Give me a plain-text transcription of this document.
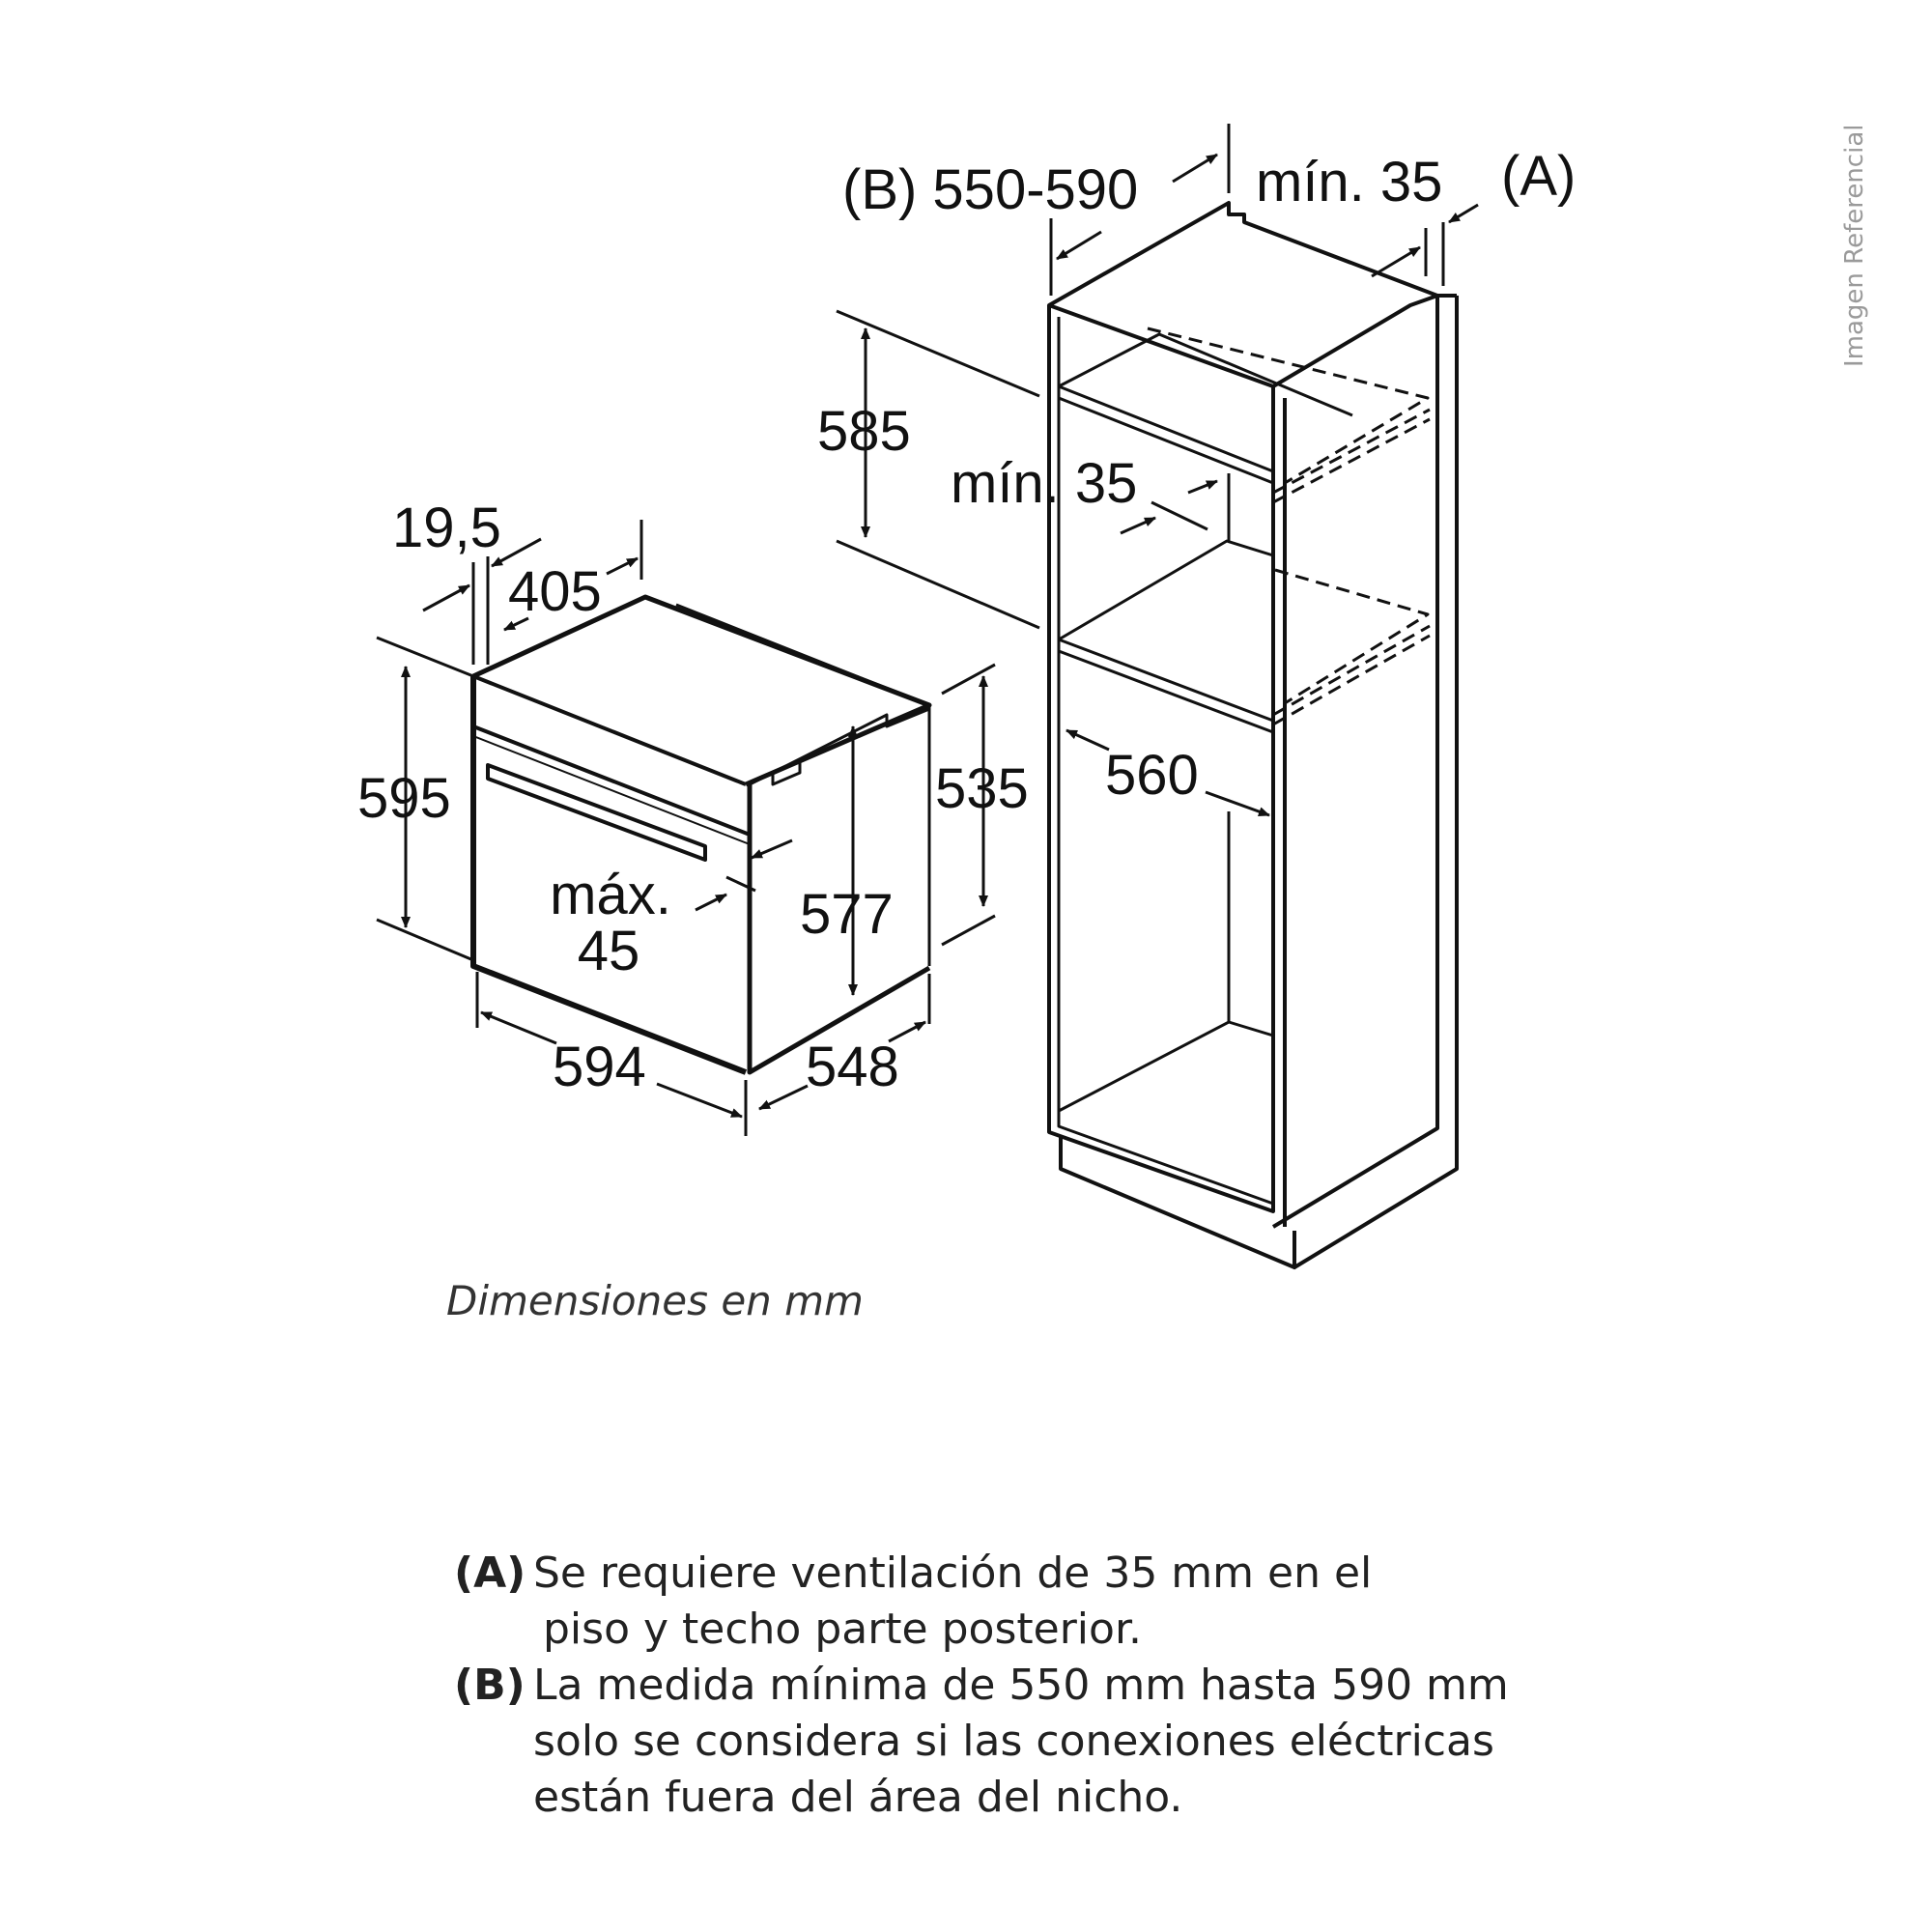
19,5
405
595	535
577
máx.
45
594	548
(B) 550-590 mín. 35 (A)
585
mín. 35
560
Dimensiones en mm
Imagen Referencial
(A) Se requiere ventilación de 35 mm en el
piso y techo parte posterior.
(B) La medida mínima de 550 mm hasta 590 mm
solo se considera si las conexiones eléctricas
están fuera del área del nicho.
